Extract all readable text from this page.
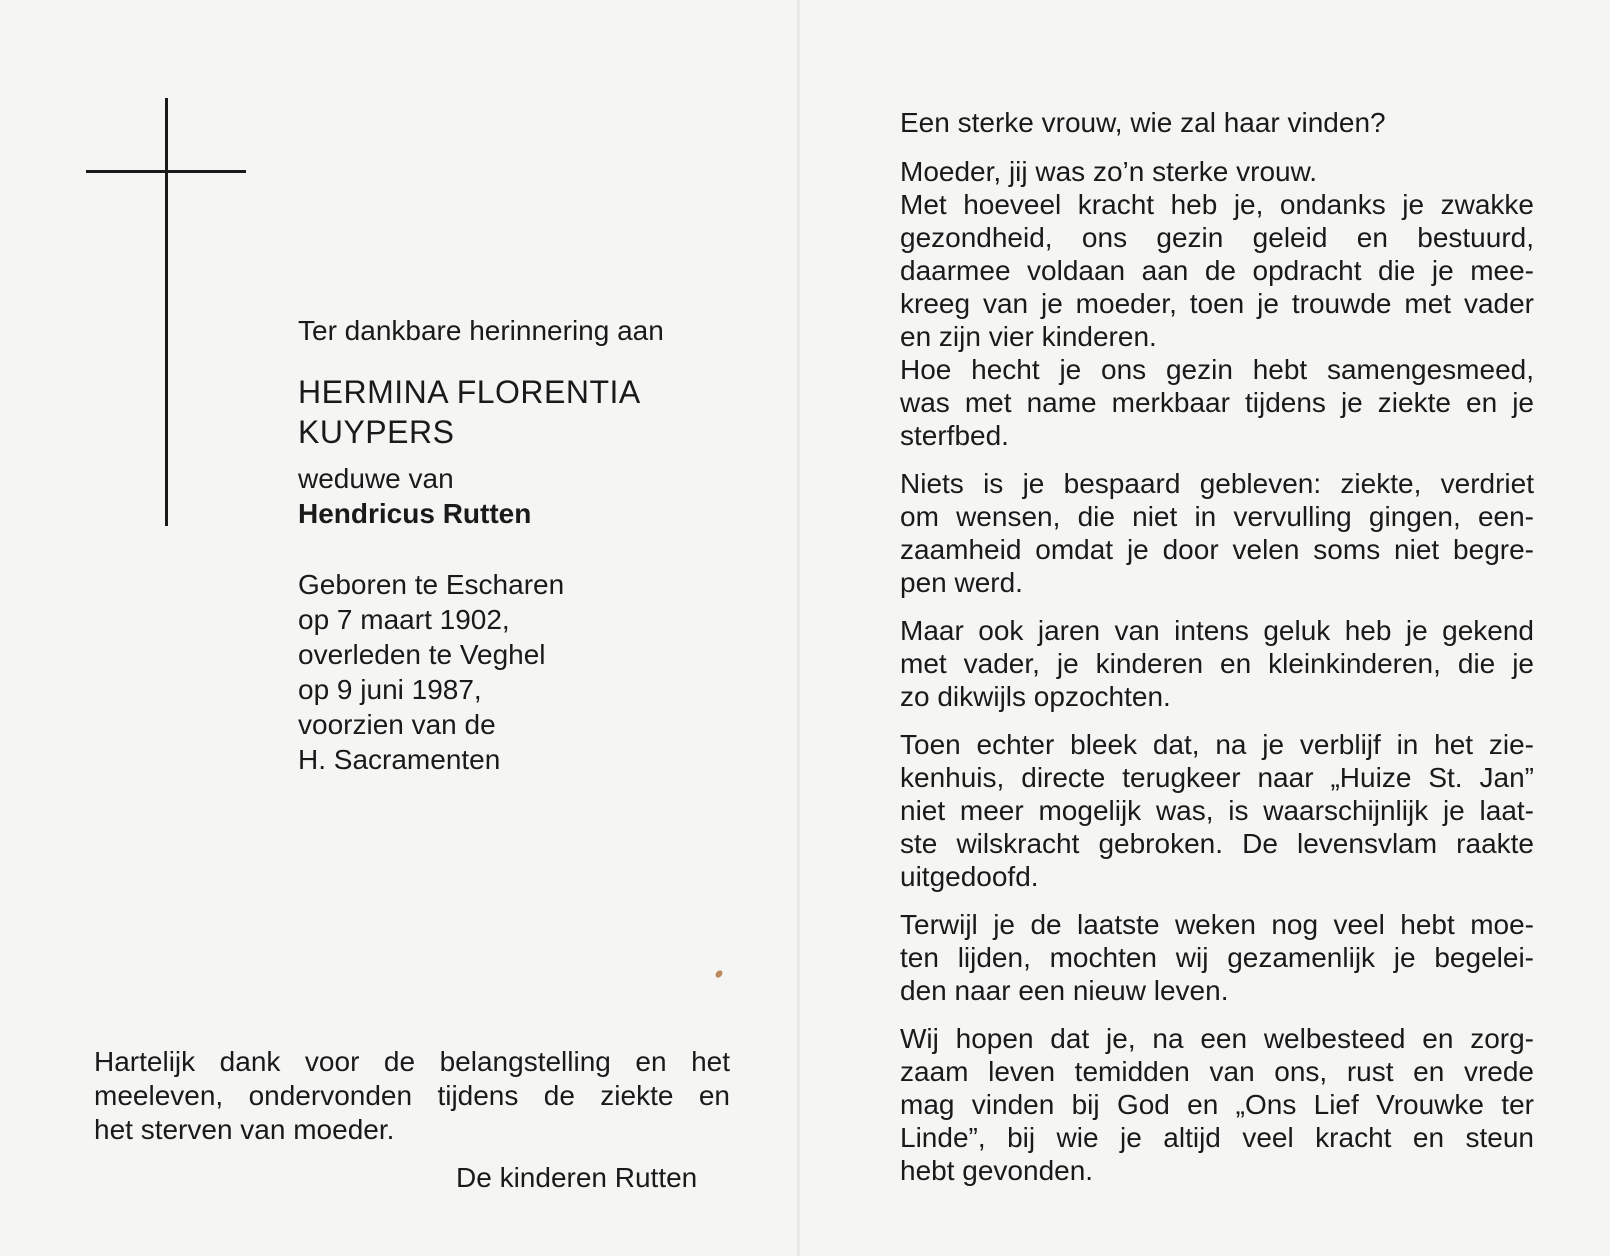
Ter dankbare herinnering aan

HERMINA FLORENTIA

KUYPERS

weduwe van

Hendricus Rutten

Geboren te Escharen

op 7 maart 1902,

overleden te Veghel

op 9 juni 1987,

voorzien van de

H. Sacramenten

Hartelijk dank voor de belangstelling en het

meeleven, ondervonden tijdens de ziekte en

het sterven van moeder.

De kinderen Rutten

Een sterke vrouw, wie zal haar vinden?

Moeder, jij was zo’n sterke vrouw.

Met hoeveel kracht heb je, ondanks je zwakke

gezondheid, ons gezin geleid en bestuurd,

daarmee voldaan aan de opdracht die je mee-

kreeg van je moeder, toen je trouwde met vader

en zijn vier kinderen.

Hoe hecht je ons gezin hebt samengesmeed,

was met name merkbaar tijdens je ziekte en je

sterfbed.

Niets is je bespaard gebleven: ziekte, verdriet

om wensen, die niet in vervulling gingen, een-

zaamheid omdat je door velen soms niet begre-

pen werd.

Maar ook jaren van intens geluk heb je gekend

met vader, je kinderen en kleinkinderen, die je

zo dikwijls opzochten.

Toen echter bleek dat, na je verblijf in het zie-

kenhuis, directe terugkeer naar „Huize St. Jan”

niet meer mogelijk was, is waarschijnlijk je laat-

ste wilskracht gebroken. De levensvlam raakte

uitgedoofd.

Terwijl je de laatste weken nog veel hebt moe-

ten lijden, mochten wij gezamenlijk je begelei-

den naar een nieuw leven.

Wij hopen dat je, na een welbesteed en zorg-

zaam leven temidden van ons, rust en vrede

mag vinden bij God en „Ons Lief Vrouwke ter

Linde”, bij wie je altijd veel kracht en steun

hebt gevonden.
